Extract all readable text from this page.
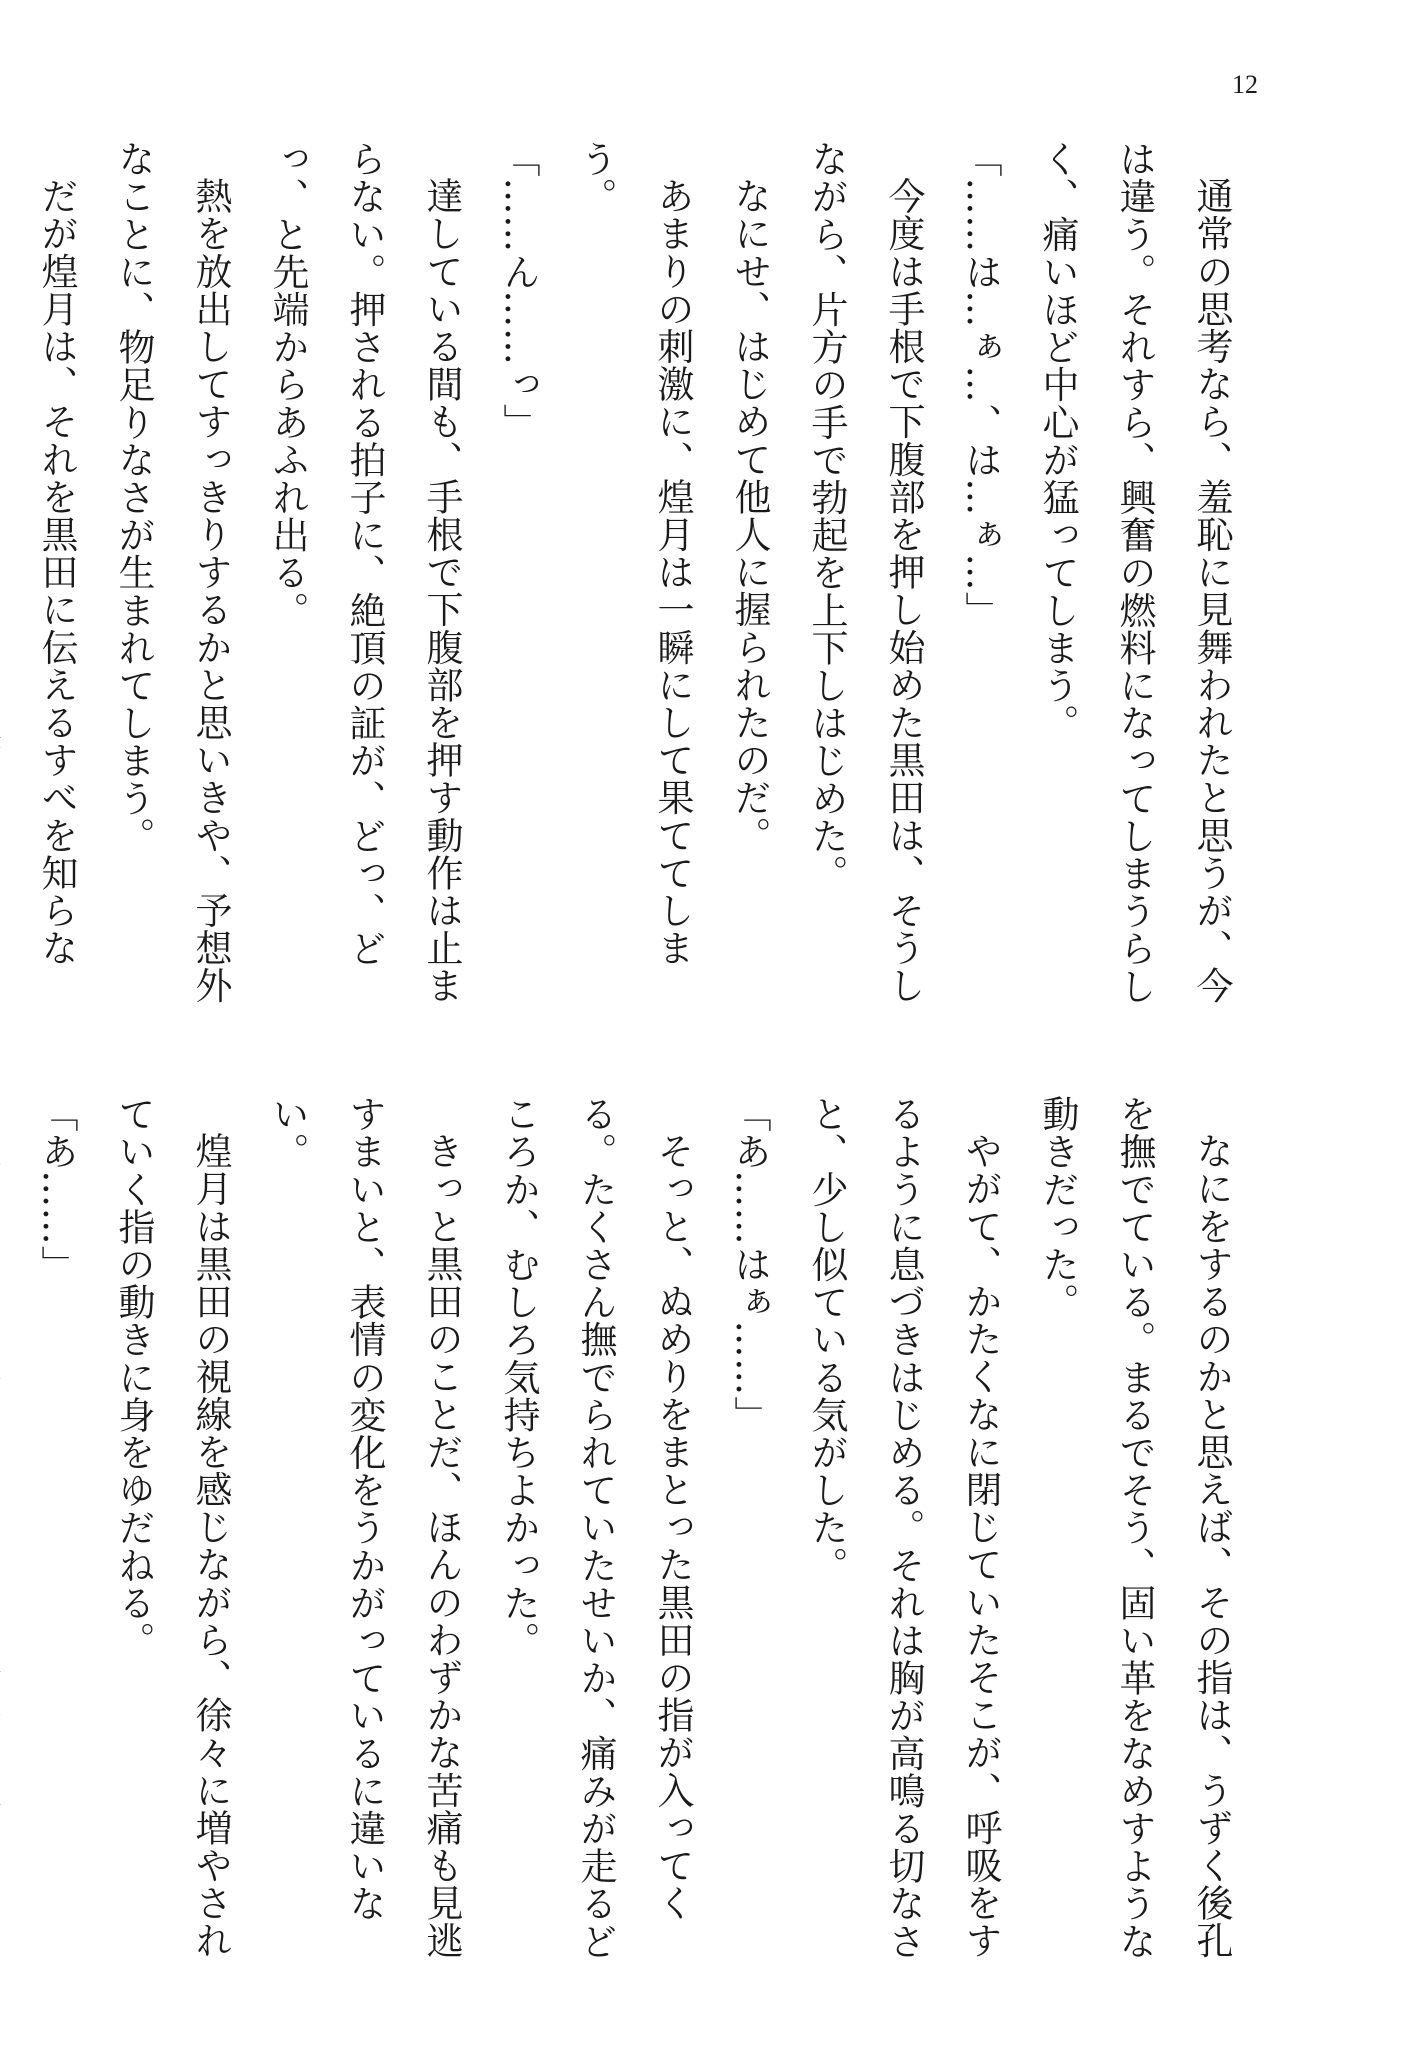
12

通常の思考なら、羞恥に見舞われたと思うが、今は違う。それすら、興奮の燃料になってしまうらしく、痛いほど中心が猛ってしまう。

「……は…ぁ…、は…ぁ…」

今度は手根で下腹部を押し始めた黒田は、そうしながら、片方の手で勃起を上下しはじめた。

なにせ、はじめて他人に握られたのだ。

あまりの刺激に、煌月は一瞬にして果ててしまう。

「……ん……っ」

達している間も、手根で下腹部を押す動作は止まらない。押される拍子に、絶頂の証が、どっ、どっ、と先端からあふれ出る。

熱を放出してすっきりするかと思いきや、予想外なことに、物足りなさが生まれてしまう。

だが煌月は、それを黒田に伝えるすべを知らな

なにをするのかと思えば、その指は、うずく後孔を撫でている。まるでそう、固い革をなめすような動きだった。

やがて、かたくなに閉じていたそこが、呼吸をするように息づきはじめる。それは胸が高鳴る切なさと、少し似ている気がした。

「あ……はぁ……」

そっと、ぬめりをまとった黒田の指が入ってくる。たくさん撫でられていたせいか、痛みが走るどころか、むしろ気持ちよかった。

きっと黒田のことだ、ほんのわずかな苦痛も見逃すまいと、表情の変化をうかがっているに違いない。

煌月は黒田の視線を感じながら、徐々に増やされていく指の動きに身をゆだねる。

「あ……」
